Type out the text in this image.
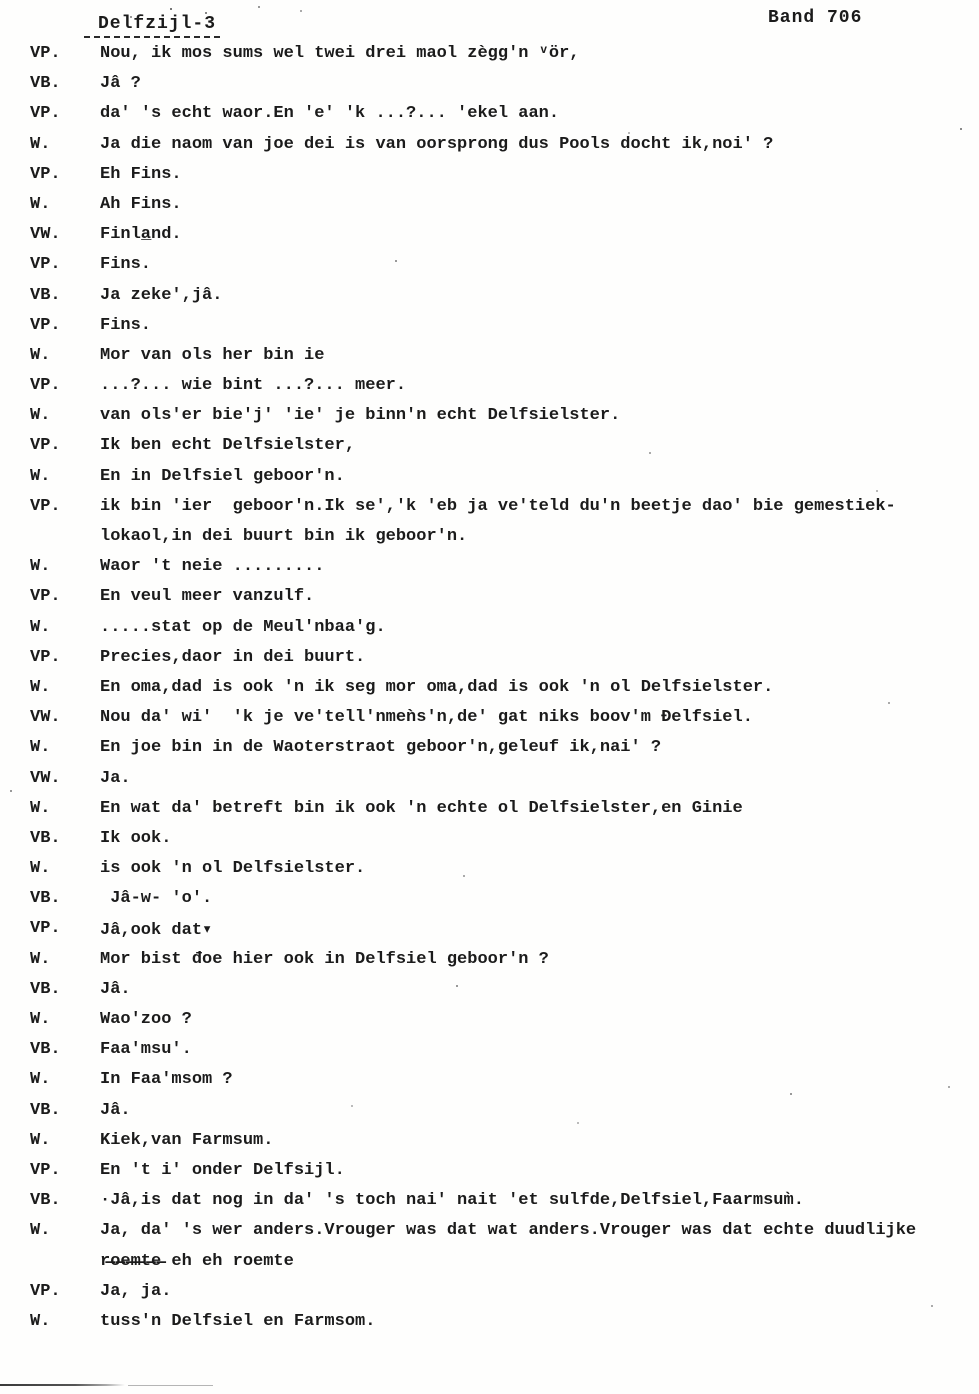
Delfzijl-3	Band 706
VP.	Nou, ik mos sums wel twei drei maol zègg'n ᵛör,
VB.	Jâ ?
VP.	da' 's echt waor.En 'e' 'k ...?... 'ekel aan.
W.	Ja die naom van joe dei is van oorsprong dus Pools docht ik,noi' ?
VP.	Eh Fins.
W.	Ah Fins.
VW.	Finla̲nd.
VP.	Fins.
VB.	Ja zeke',jâ.
VP.	Fins.
W.	Mor van ols her bin ie
VP.	...?... wie bint ...?... meer.
W.	van ols'er bie'j' 'ie' je binn'n echt Delfsielster.
VP.	Ik ben echt Delfsielster,
W.	En in Delfsiel geboor'n.
VP.	ik bin 'ier  geboor'n.Ik se','k 'eb ja ve'teld du'n beetje dao' bie gemestiek-
lokaol,in dei buurt bin ik geboor'n.
W.	Waor 't neie .........
VP.	En veul meer vanzulf.
W.	.....stat op de Meul'nbaa'g.
VP.	Precies,daor in dei buurt.
W.	En oma,dad is ook 'n ik seg mor oma,dad is ook 'n ol Delfsielster.
VW.	Nou da' wi'  'k je ve'tell'nmeǹs'n,de' gat niks boov'm Ðelfsiel.
W.	En joe bin in de Waoterstraot geboor'n,geleuf ik,nai' ?
VW.	Ja.
W.	En wat da' betreft bin ik ook 'n echte ol Delfsielster,en Ginie
VB.	Ik ook.
W.	is ook 'n ol Delfsielster.
VB.	Jâ-w- 'o'.
VP.	Jâ,ook dat▾
W.	Mor bist đoe hier ook in Delfsiel geboor'n ?
VB.	Jâ.
W.	Wao'zoo ?
VB.	Faa'msu'.
W.	In Faa'msom ?
VB.	Jâ.
W.	Kiek,van Farmsum.
VP.	En 't i' onder Delfsijl.
VB.	·Jâ,is dat nog in da' 's toch nai' nait 'et sulfde,Delfsiel,Faarmsum̀.
W.	Ja, da' 's wer anders.Vrouger was dat wat anders.Vrouger was dat echte duudlijke
r̶o̶e̶m̶t̶e̶ eh eh roemte
VP.	Ja, ja.
W.	tuss'n Delfsiel en Farmsom.
